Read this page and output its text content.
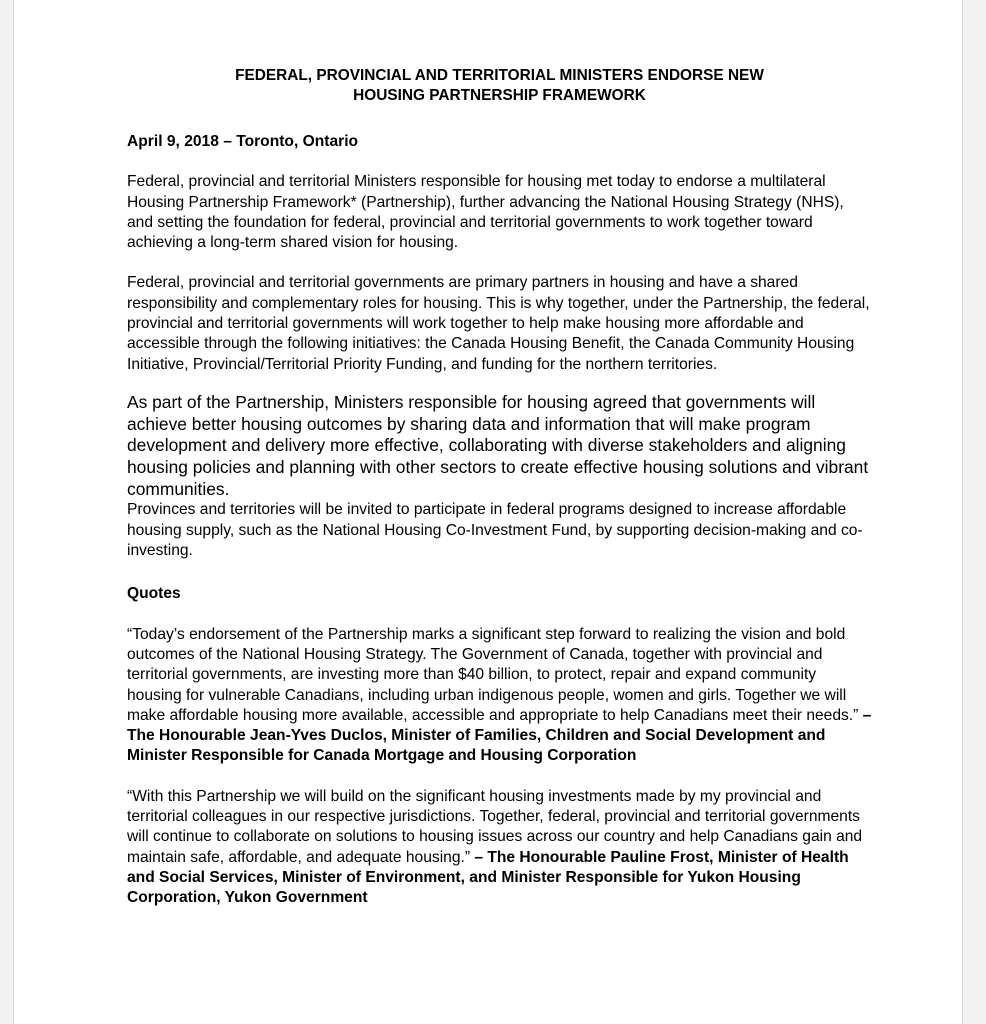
FEDERAL, PROVINCIAL AND TERRITORIAL MINISTERS ENDORSE NEW
HOUSING PARTNERSHIP FRAMEWORK

April 9, 2018 – Toronto, Ontario

Federal, provincial and territorial Ministers responsible for housing met today to endorse a multilateral Housing Partnership Framework* (Partnership), further advancing the National Housing Strategy (NHS), and setting the foundation for federal, provincial and territorial governments to work together toward achieving a long-term shared vision for housing.

Federal, provincial and territorial governments are primary partners in housing and have a shared responsibility and complementary roles for housing. This is why together, under the Partnership, the federal, provincial and territorial governments will work together to help make housing more affordable and accessible through the following initiatives: the Canada Housing Benefit, the Canada Community Housing Initiative, Provincial/Territorial Priority Funding, and funding for the northern territories.

As part of the Partnership, Ministers responsible for housing agreed that governments will achieve better housing outcomes by sharing data and information that will make program development and delivery more effective, collaborating with diverse stakeholders and aligning housing policies and planning with other sectors to create effective housing solutions and vibrant communities.

Provinces and territories will be invited to participate in federal programs designed to increase affordable housing supply, such as the National Housing Co-Investment Fund, by supporting decision-making and co-investing.

Quotes

“Today’s endorsement of the Partnership marks a significant step forward to realizing the vision and bold outcomes of the National Housing Strategy. The Government of Canada, together with provincial and territorial governments, are investing more than $40 billion, to protect, repair and expand community housing for vulnerable Canadians, including urban indigenous people, women and girls. Together we will make affordable housing more available, accessible and appropriate to help Canadians meet their needs.” – The Honourable Jean-Yves Duclos, Minister of Families, Children and Social Development and Minister Responsible for Canada Mortgage and Housing Corporation

“With this Partnership we will build on the significant housing investments made by my provincial and territorial colleagues in our respective jurisdictions. Together, federal, provincial and territorial governments will continue to collaborate on solutions to housing issues across our country and help Canadians gain and maintain safe, affordable, and adequate housing.” – The Honourable Pauline Frost, Minister of Health and Social Services, Minister of Environment, and Minister Responsible for Yukon Housing Corporation, Yukon Government
